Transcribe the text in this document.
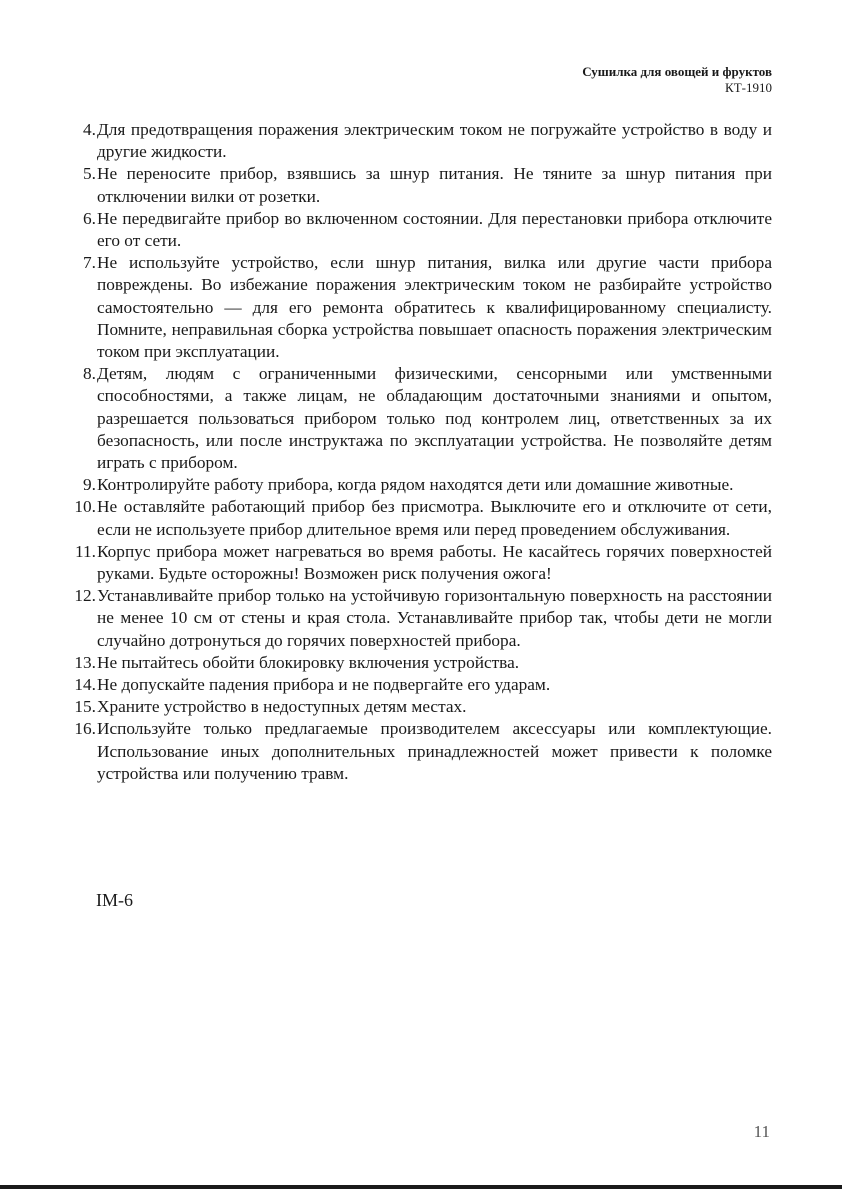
Сушилка для овощей и фруктов
КТ-1910
4. Для предотвращения поражения электрическим током не погружайте устройство в воду и другие жидкости.
5. Не переносите прибор, взявшись за шнур питания. Не тяните за шнур питания при отключении вилки от розетки.
6. Не передвигайте прибор во включенном состоянии. Для перестановки прибора отключите его от сети.
7. Не используйте устройство, если шнур питания, вилка или другие части прибора повреждены. Во избежание поражения электрическим током не разбирайте устройство самостоятельно — для его ремонта обратитесь к квалифицированному специалисту. Помните, неправильная сборка устройства повышает опасность поражения электрическим током при эксплуатации.
8. Детям, людям с ограниченными физическими, сенсорными или умственными способностями, а также лицам, не обладающим достаточными знаниями и опытом, разрешается пользоваться прибором только под контролем лиц, ответственных за их безопасность, или после инструктажа по эксплуатации устройства. Не позволяйте детям играть с прибором.
9. Контролируйте работу прибора, когда рядом находятся дети или домашние животные.
10. Не оставляйте работающий прибор без присмотра. Выключите его и отключите от сети, если не используете прибор длительное время или перед проведением обслуживания.
11. Корпус прибора может нагреваться во время работы. Не касайтесь горячих поверхностей руками. Будьте осторожны! Возможен риск получения ожога!
12. Устанавливайте прибор только на устойчивую горизонтальную поверхность на расстоянии не менее 10 см от стены и края стола. Устанавливайте прибор так, чтобы дети не могли случайно дотронуться до горячих поверхностей прибора.
13. Не пытайтесь обойти блокировку включения устройства.
14. Не допускайте падения прибора и не подвергайте его ударам.
15. Храните устройство в недоступных детям местах.
16. Используйте только предлагаемые производителем аксессуары или комплектующие. Использование иных дополнительных принадлежностей может привести к поломке устройства или получению травм.
IM-6
11
